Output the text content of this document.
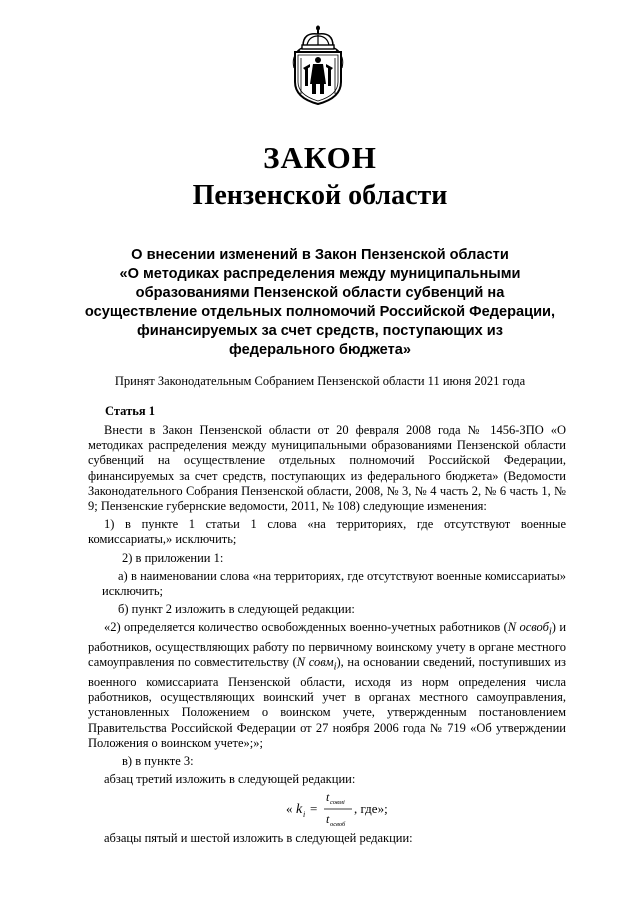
ЗАКОН
Пензенской области
О внесении изменений в Закон Пензенской области
«О методиках распределения между муниципальными
образованиями Пензенской области субвенций на
осуществление отдельных полномочий Российской Федерации,
финансируемых за счет средств, поступающих из
федерального бюджета»
Принят Законодательным Собранием Пензенской области 11 июня 2021 года
Статья 1

Внести в Закон Пензенской области от 20 февраля 2008 года № 1456-ЗПО «О методиках распределения между муниципальными образованиями Пензенской области субвенций на осуществление отдельных полномочий Российской Федерации, финансируемых за счет средств, поступающих из федерального бюджета» (Ведомости Законодательного Собрания Пензенской области, 2008, № 3, № 4 часть 2, № 6 часть 1, № 9; Пензенские губернские ведомости, 2011, № 108) следующие изменения:

1) в пункте 1 статьи 1 слова «на территориях, где отсутствуют военные комиссариаты,» исключить;

2) в приложении 1:

а) в наименовании слова «на территориях, где отсутствуют военные комиссариаты» исключить;

б) пункт 2 изложить в следующей редакции:

«2) определяется количество освобожденных военно-учетных работников (N освоб$_i$) и работников, осуществляющих работу по первичному воинскому учету в органе местного самоуправления по совместительству (N совм$_i$), на основании сведений, поступивших из военного комиссариата Пензенской области, исходя из норм определения числа работников, осуществляющих воинский учет в органах местного самоуправления, установленных Положением о воинском учете, утвержденным постановлением Правительства Российской Федерации от 27 ноября 2006 года № 719 «Об утверждении Положения о воинском учете»;»;

в) в пункте 3:

абзац третий изложить в следующей редакции:

« k i =
t совмi
t освоб
, где»;

абзацы пятый и шестой изложить в следующей редакции:
